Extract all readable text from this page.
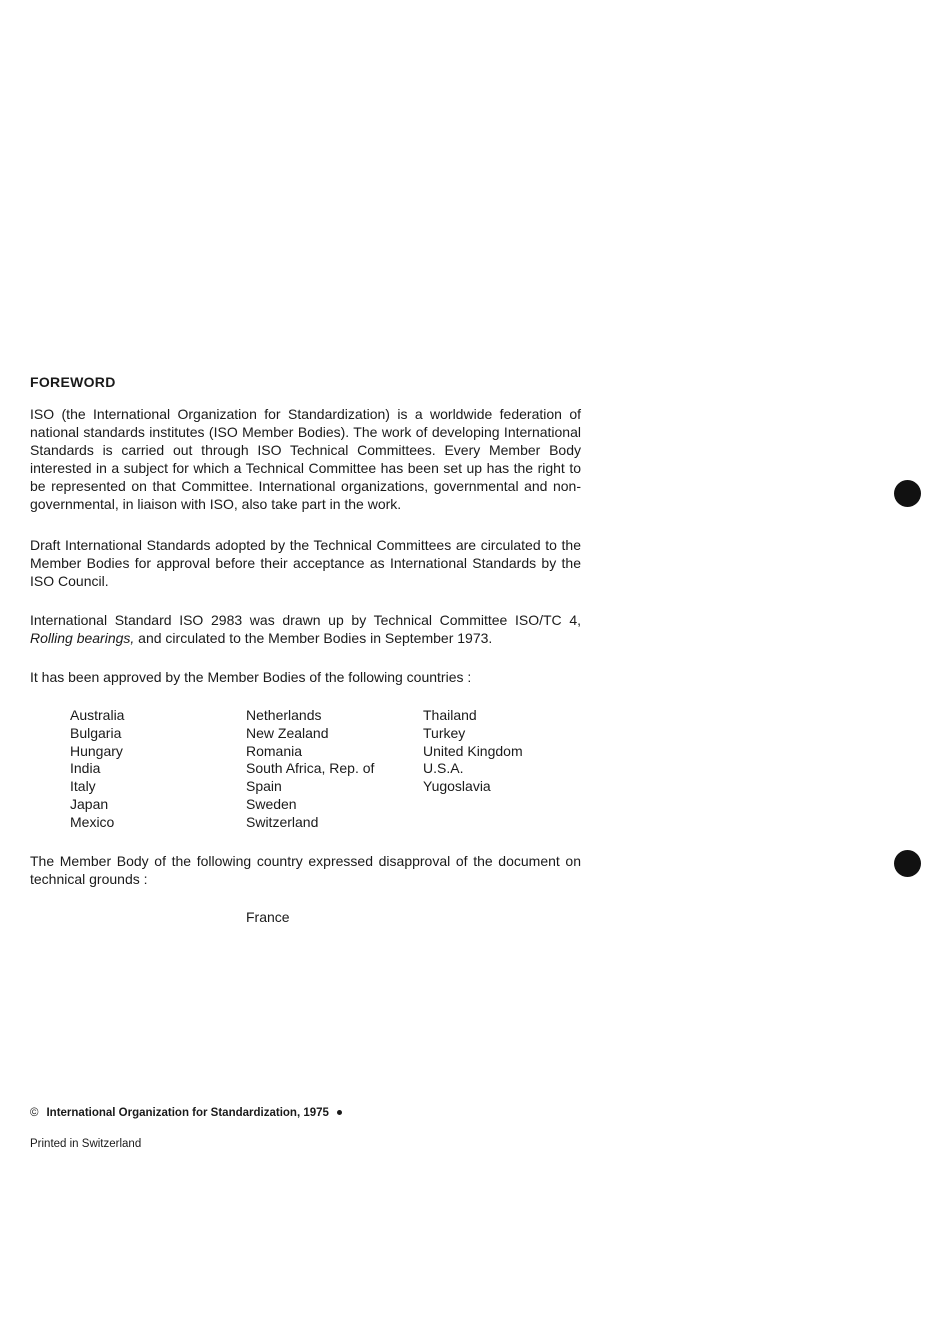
FOREWORD

ISO (the International Organization for Standardization) is a worldwide federation of national standards institutes (ISO Member Bodies). The work of developing International Standards is carried out through ISO Technical Committees. Every Member Body interested in a subject for which a Technical Committee has been set up has the right to be represented on that Committee. International organizations, governmental and non-governmental, in liaison with ISO, also take part in the work.

Draft International Standards adopted by the Technical Committees are circulated to the Member Bodies for approval before their acceptance as International Standards by the ISO Council.

International Standard ISO 2983 was drawn up by Technical Committee ISO/TC 4, Rolling bearings, and circulated to the Member Bodies in September 1973.

It has been approved by the Member Bodies of the following countries :

Australia
Bulgaria
Hungary
India
Italy
Japan
Mexico
Netherlands
New Zealand
Romania
South Africa, Rep. of
Spain
Sweden
Switzerland
Thailand
Turkey
United Kingdom
U.S.A.
Yugoslavia

The Member Body of the following country expressed disapproval of the document on technical grounds :

France
© International Organization for Standardization, 1975
Printed in Switzerland
